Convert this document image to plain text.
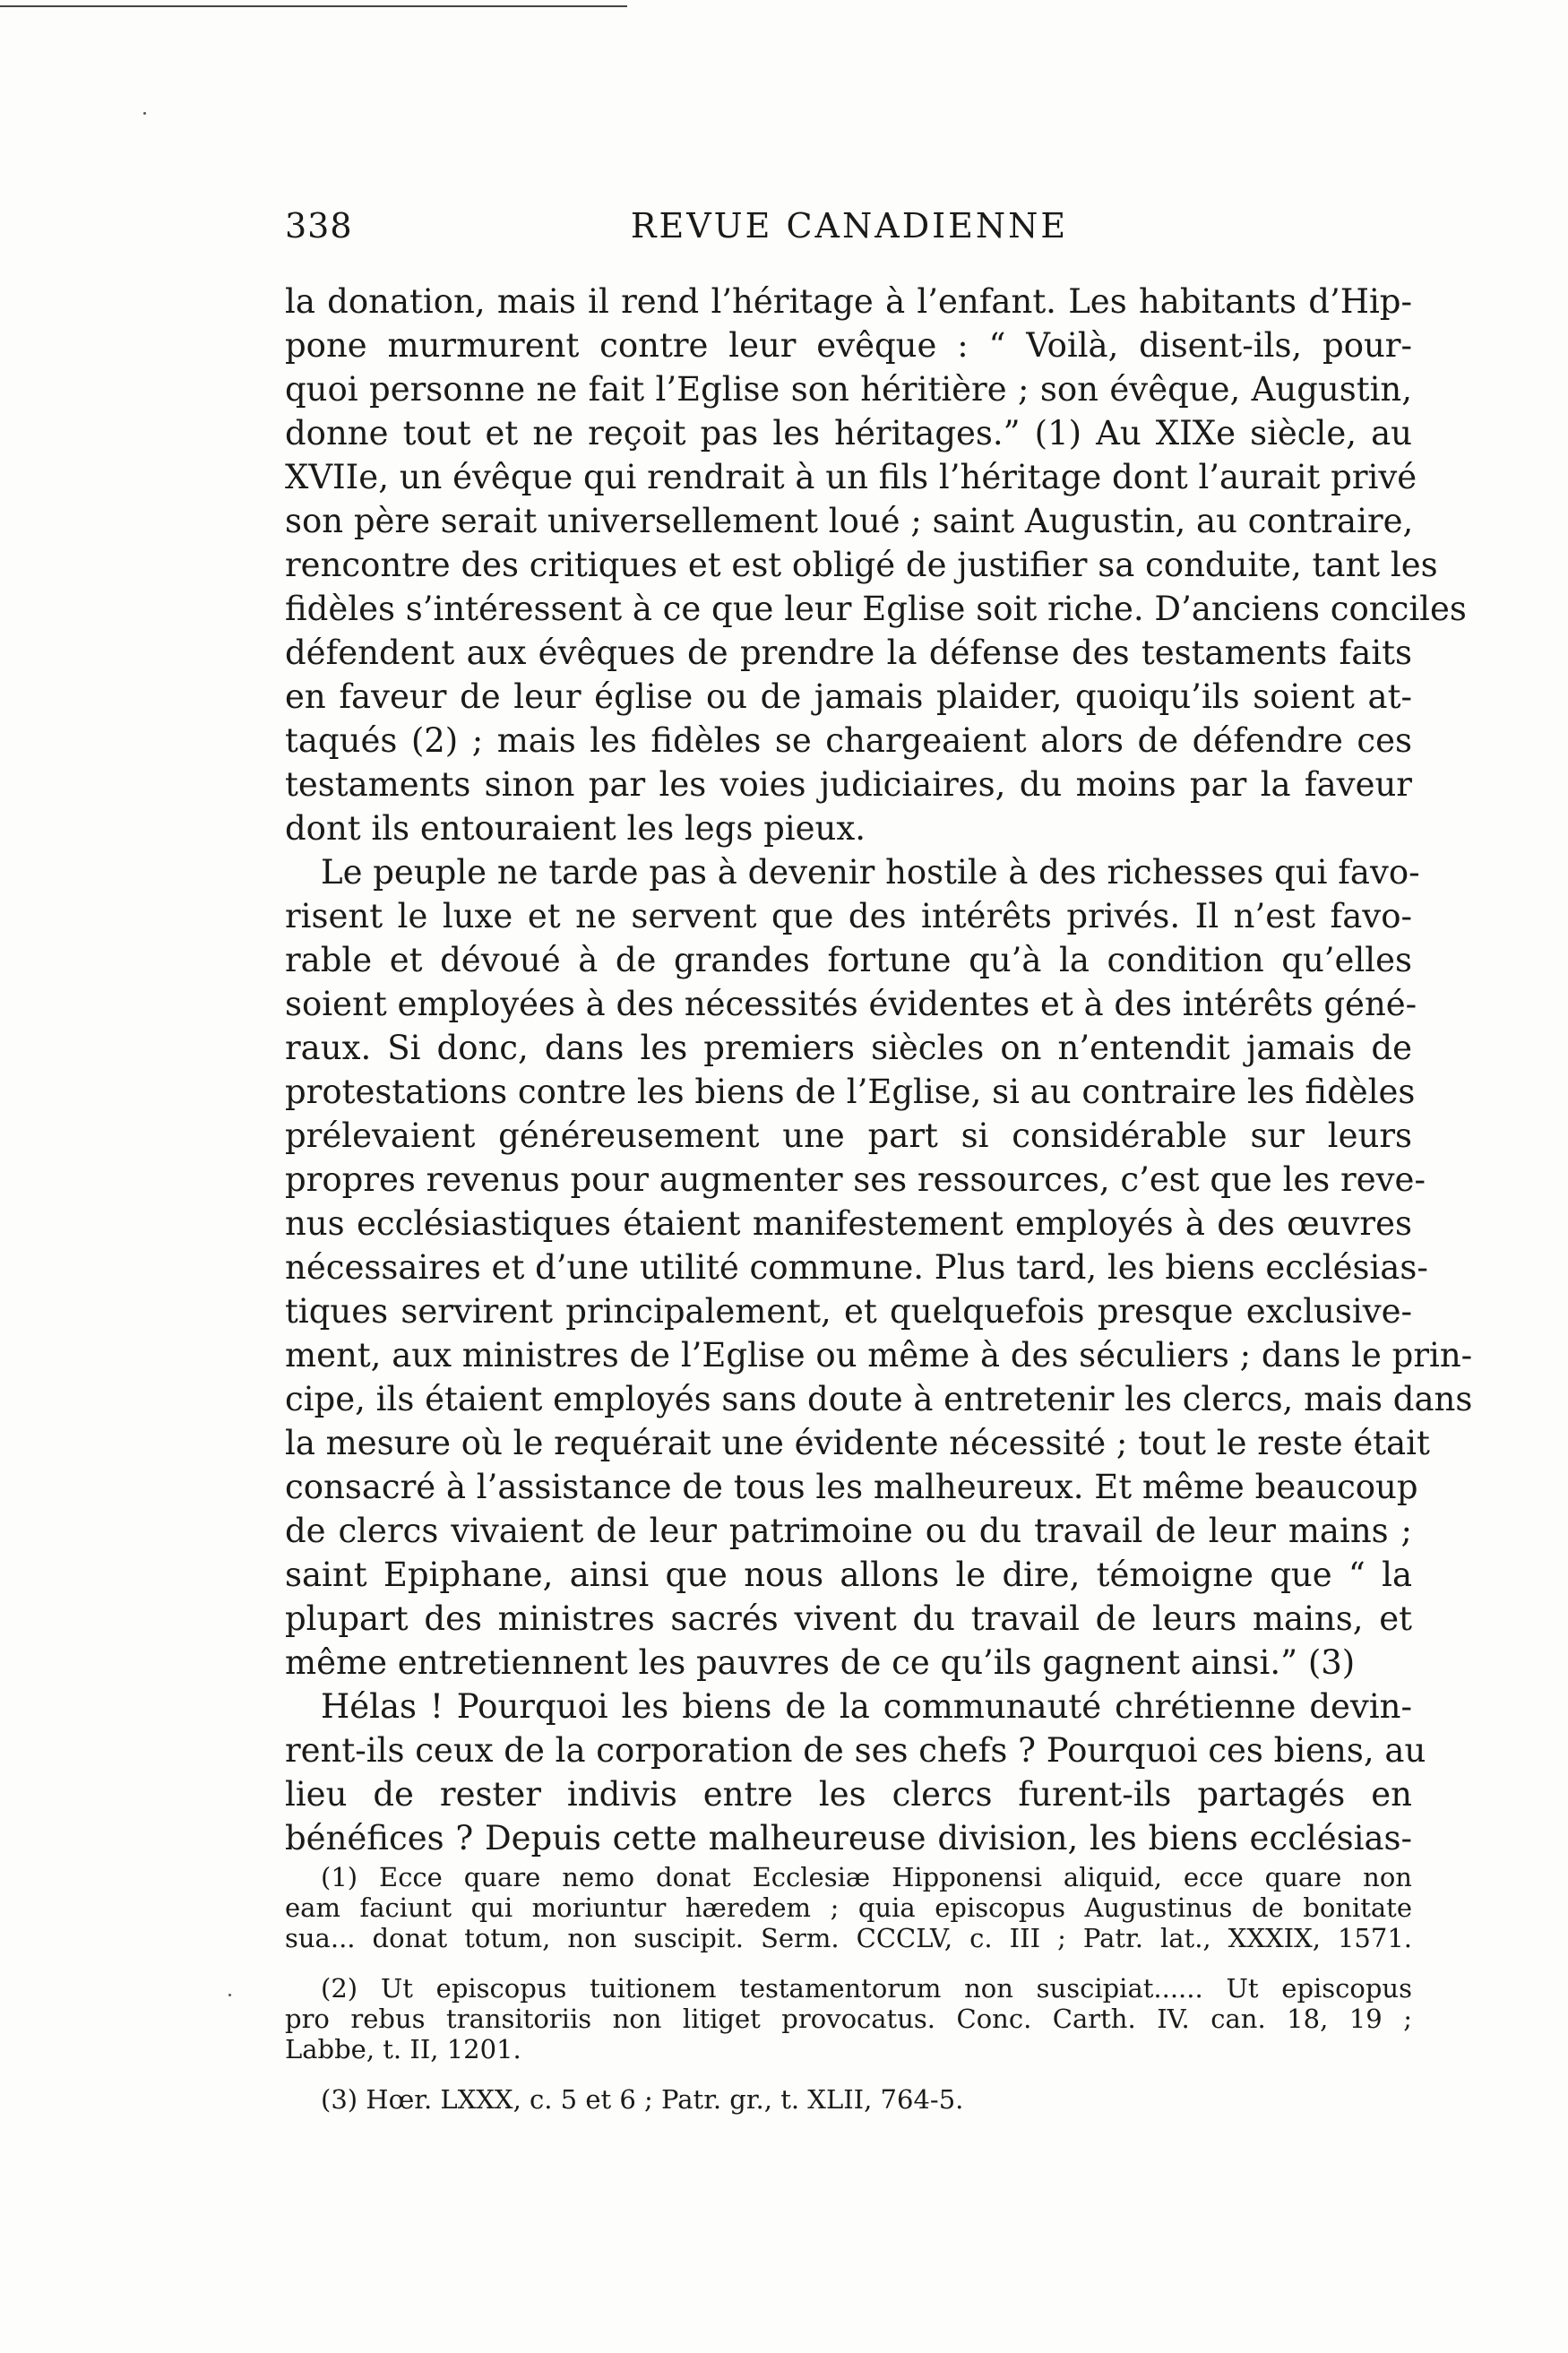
338	REVUE CANADIENNE

la donation, mais il rend l’héritage à l’enfant. Les habitants d’Hip-
pone murmurent contre leur evêque : “ Voilà, disent-ils, pour-
quoi personne ne fait l’Eglise son héritière ; son évêque, Augustin,
donne tout et ne reçoit pas les héritages.” (1) Au XIXe siècle, au
XVIIe, un évêque qui rendrait à un fils l’héritage dont l’aurait privé
son père serait universellement loué ; saint Augustin, au contraire,
rencontre des critiques et est obligé de justifier sa conduite, tant les
fidèles s’intéressent à ce que leur Eglise soit riche. D’anciens conciles
défendent aux évêques de prendre la défense des testaments faits
en faveur de leur église ou de jamais plaider, quoiqu’ils soient at-
taqués (2) ; mais les fidèles se chargeaient alors de défendre ces
testaments sinon par les voies judiciaires, du moins par la faveur
dont ils entouraient les legs pieux.

Le peuple ne tarde pas à devenir hostile à des richesses qui favo-
risent le luxe et ne servent que des intérêts privés. Il n’est favo-
rable et dévoué à de grandes fortune qu’à la condition qu’elles
soient employées à des nécessités évidentes et à des intérêts géné-
raux. Si donc, dans les premiers siècles on n’entendit jamais de
protestations contre les biens de l’Eglise, si au contraire les fidèles
prélevaient généreusement une part si considérable sur leurs
propres revenus pour augmenter ses ressources, c’est que les reve-
nus ecclésiastiques étaient manifestement employés à des œuvres
nécessaires et d’une utilité commune. Plus tard, les biens ecclésias-
tiques servirent principalement, et quelquefois presque exclusive-
ment, aux ministres de l’Eglise ou même à des séculiers ; dans le prin-
cipe, ils étaient employés sans doute à entretenir les clercs, mais dans
la mesure où le requérait une évidente nécessité ; tout le reste était
consacré à l’assistance de tous les malheureux. Et même beaucoup
de clercs vivaient de leur patrimoine ou du travail de leur mains ;
saint Epiphane, ainsi que nous allons le dire, témoigne que “ la
plupart des ministres sacrés vivent du travail de leurs mains, et
même entretiennent les pauvres de ce qu’ils gagnent ainsi.” (3)

Hélas ! Pourquoi les biens de la communauté chrétienne devin-
rent-ils ceux de la corporation de ses chefs ? Pourquoi ces biens, au
lieu de rester indivis entre les clercs furent-ils partagés en
bénéfices ? Depuis cette malheureuse division, les biens ecclésias-

(1) Ecce quare nemo donat Ecclesiæ Hipponensi aliquid, ecce quare non
eam faciunt qui moriuntur hæredem ; quia episcopus Augustinus de bonitate
sua... donat totum, non suscipit. Serm. CCCLV, c. III ; Patr. lat., XXXIX, 1571.

(2) Ut episcopus tuitionem testamentorum non suscipiat...... Ut episcopus
pro rebus transitoriis non litiget provocatus. Conc. Carth. IV. can. 18, 19 ;
Labbe, t. II, 1201.

(3) Hœr. LXXX, c. 5 et 6 ; Patr. gr., t. XLII, 764-5.
